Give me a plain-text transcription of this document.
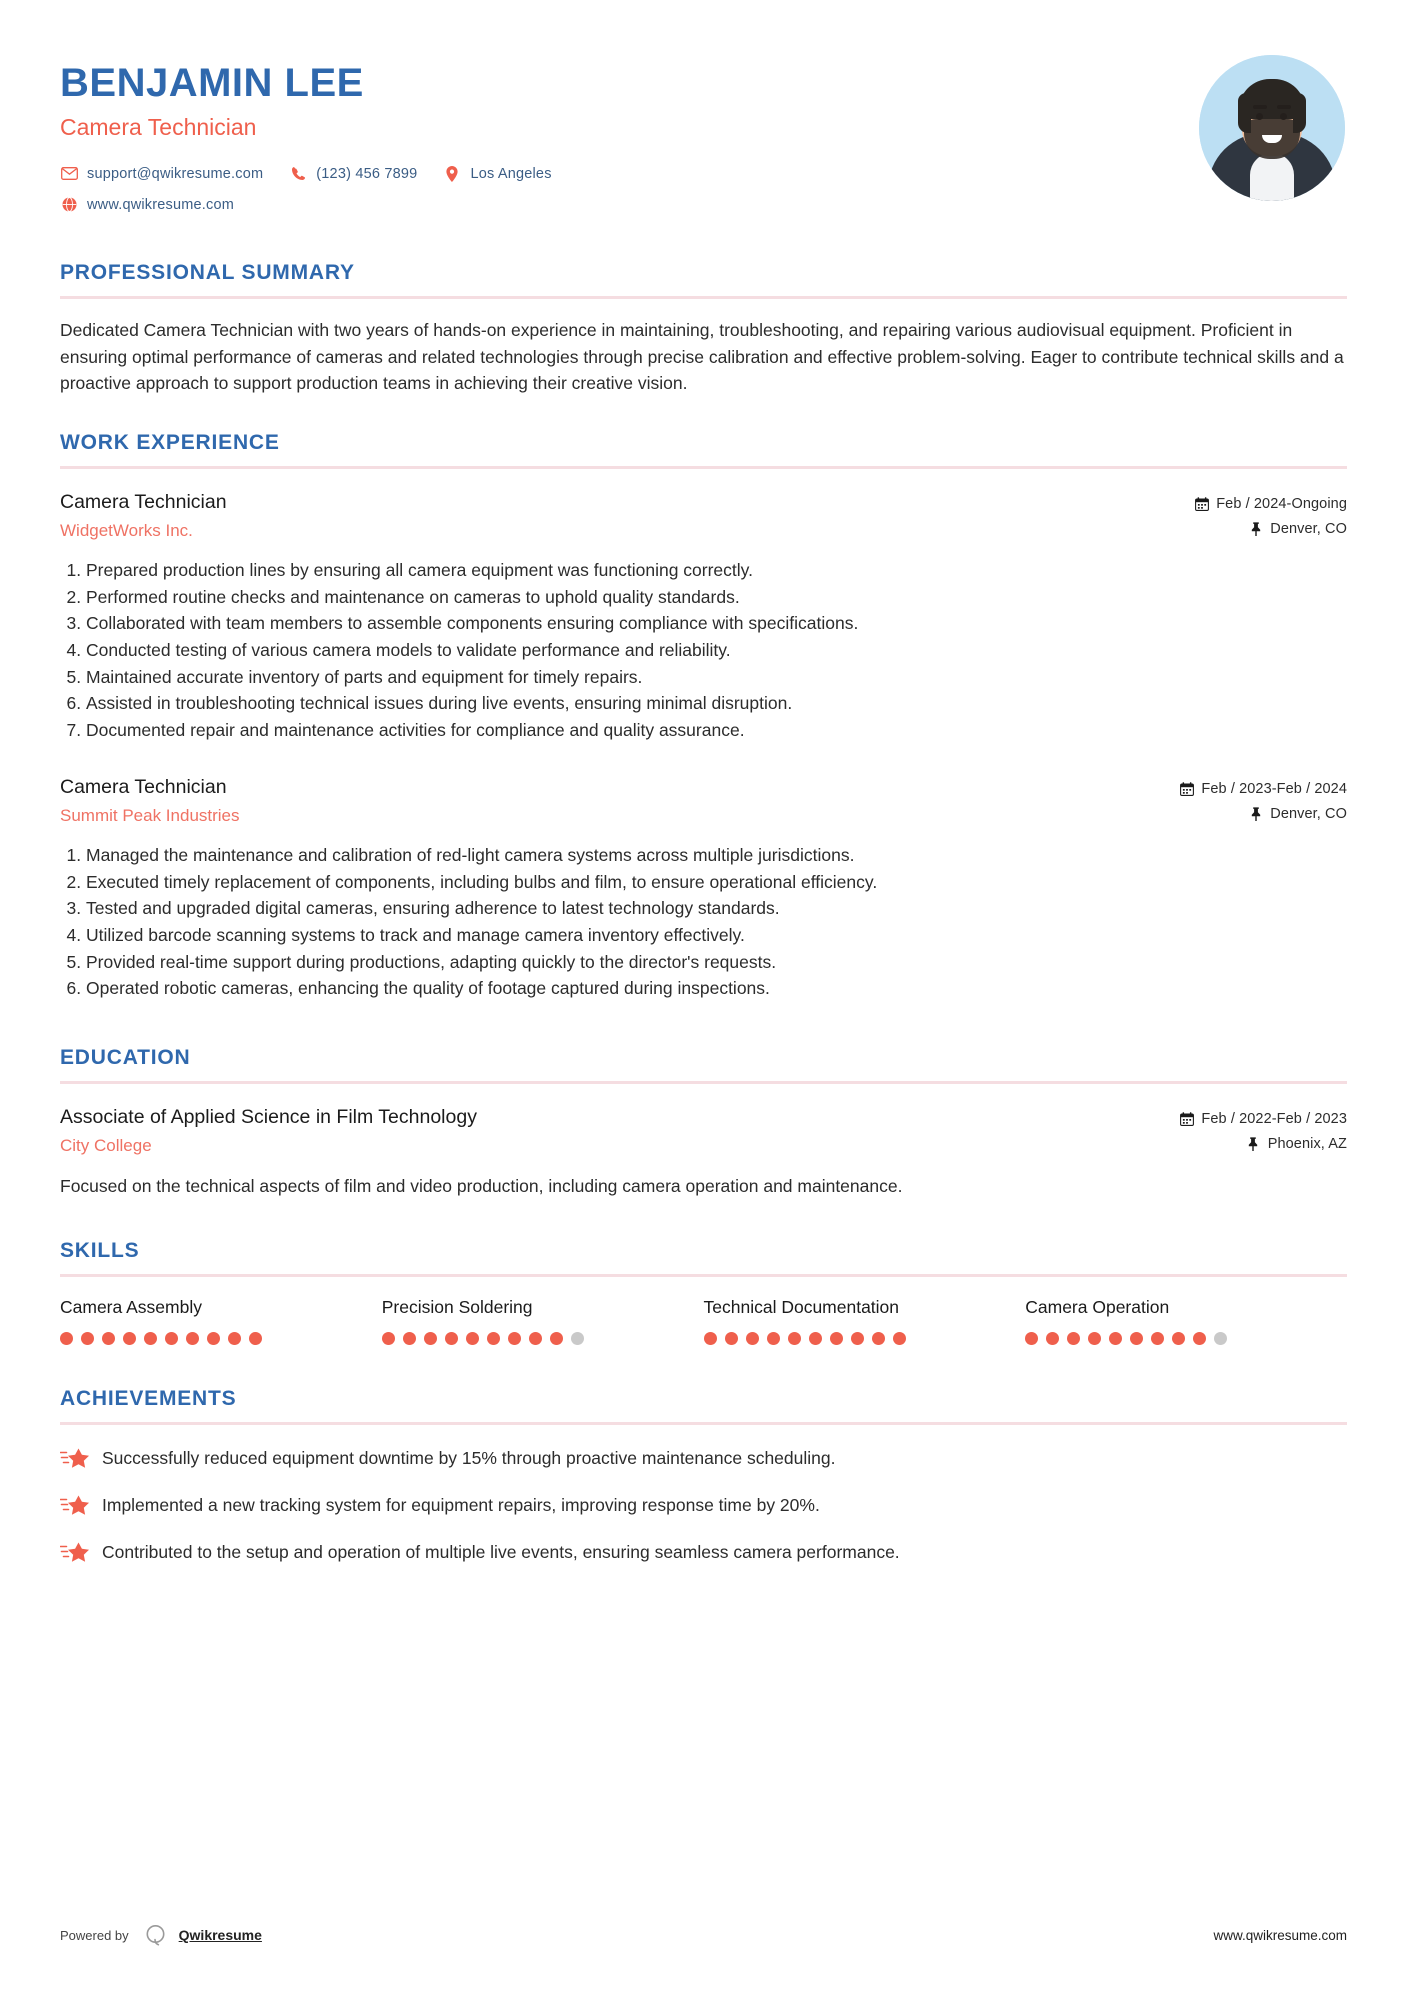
BENJAMIN LEE
Camera Technician
support@qwikresume.com	(123) 456 7899	Los Angeles
www.qwikresume.com
PROFESSIONAL SUMMARY

Dedicated Camera Technician with two years of hands-on experience in maintaining, troubleshooting, and repairing various audiovisual equipment. Proficient in ensuring optimal performance of cameras and related technologies through precise calibration and effective problem-solving. Eager to contribute technical skills and a proactive approach to support production teams in achieving their creative vision.

WORK EXPERIENCE
Camera Technician
WidgetWorks Inc.
Feb / 2024-Ongoing
Denver, CO
1. Prepared production lines by ensuring all camera equipment was functioning correctly.
2. Performed routine checks and maintenance on cameras to uphold quality standards.
3. Collaborated with team members to assemble components ensuring compliance with specifications.
4. Conducted testing of various camera models to validate performance and reliability.
5. Maintained accurate inventory of parts and equipment for timely repairs.
6. Assisted in troubleshooting technical issues during live events, ensuring minimal disruption.
7. Documented repair and maintenance activities for compliance and quality assurance.
Camera Technician
Summit Peak Industries
Feb / 2023-Feb / 2024
Denver, CO
1. Managed the maintenance and calibration of red-light camera systems across multiple jurisdictions.
2. Executed timely replacement of components, including bulbs and film, to ensure operational efficiency.
3. Tested and upgraded digital cameras, ensuring adherence to latest technology standards.
4. Utilized barcode scanning systems to track and manage camera inventory effectively.
5. Provided real-time support during productions, adapting quickly to the director's requests.
6. Operated robotic cameras, enhancing the quality of footage captured during inspections.
EDUCATION
Associate of Applied Science in Film Technology
City College
Feb / 2022-Feb / 2023
Phoenix, AZ

Focused on the technical aspects of film and video production, including camera operation and maintenance.

SKILLS
Camera Assembly	Precision Soldering	Technical Documentation	Camera Operation
ACHIEVEMENTS
Successfully reduced equipment downtime by 15% through proactive maintenance scheduling.
Implemented a new tracking system for equipment repairs, improving response time by 20%.
Contributed to the setup and operation of multiple live events, ensuring seamless camera performance.
Powered by	Qwikresume	www.qwikresume.com
